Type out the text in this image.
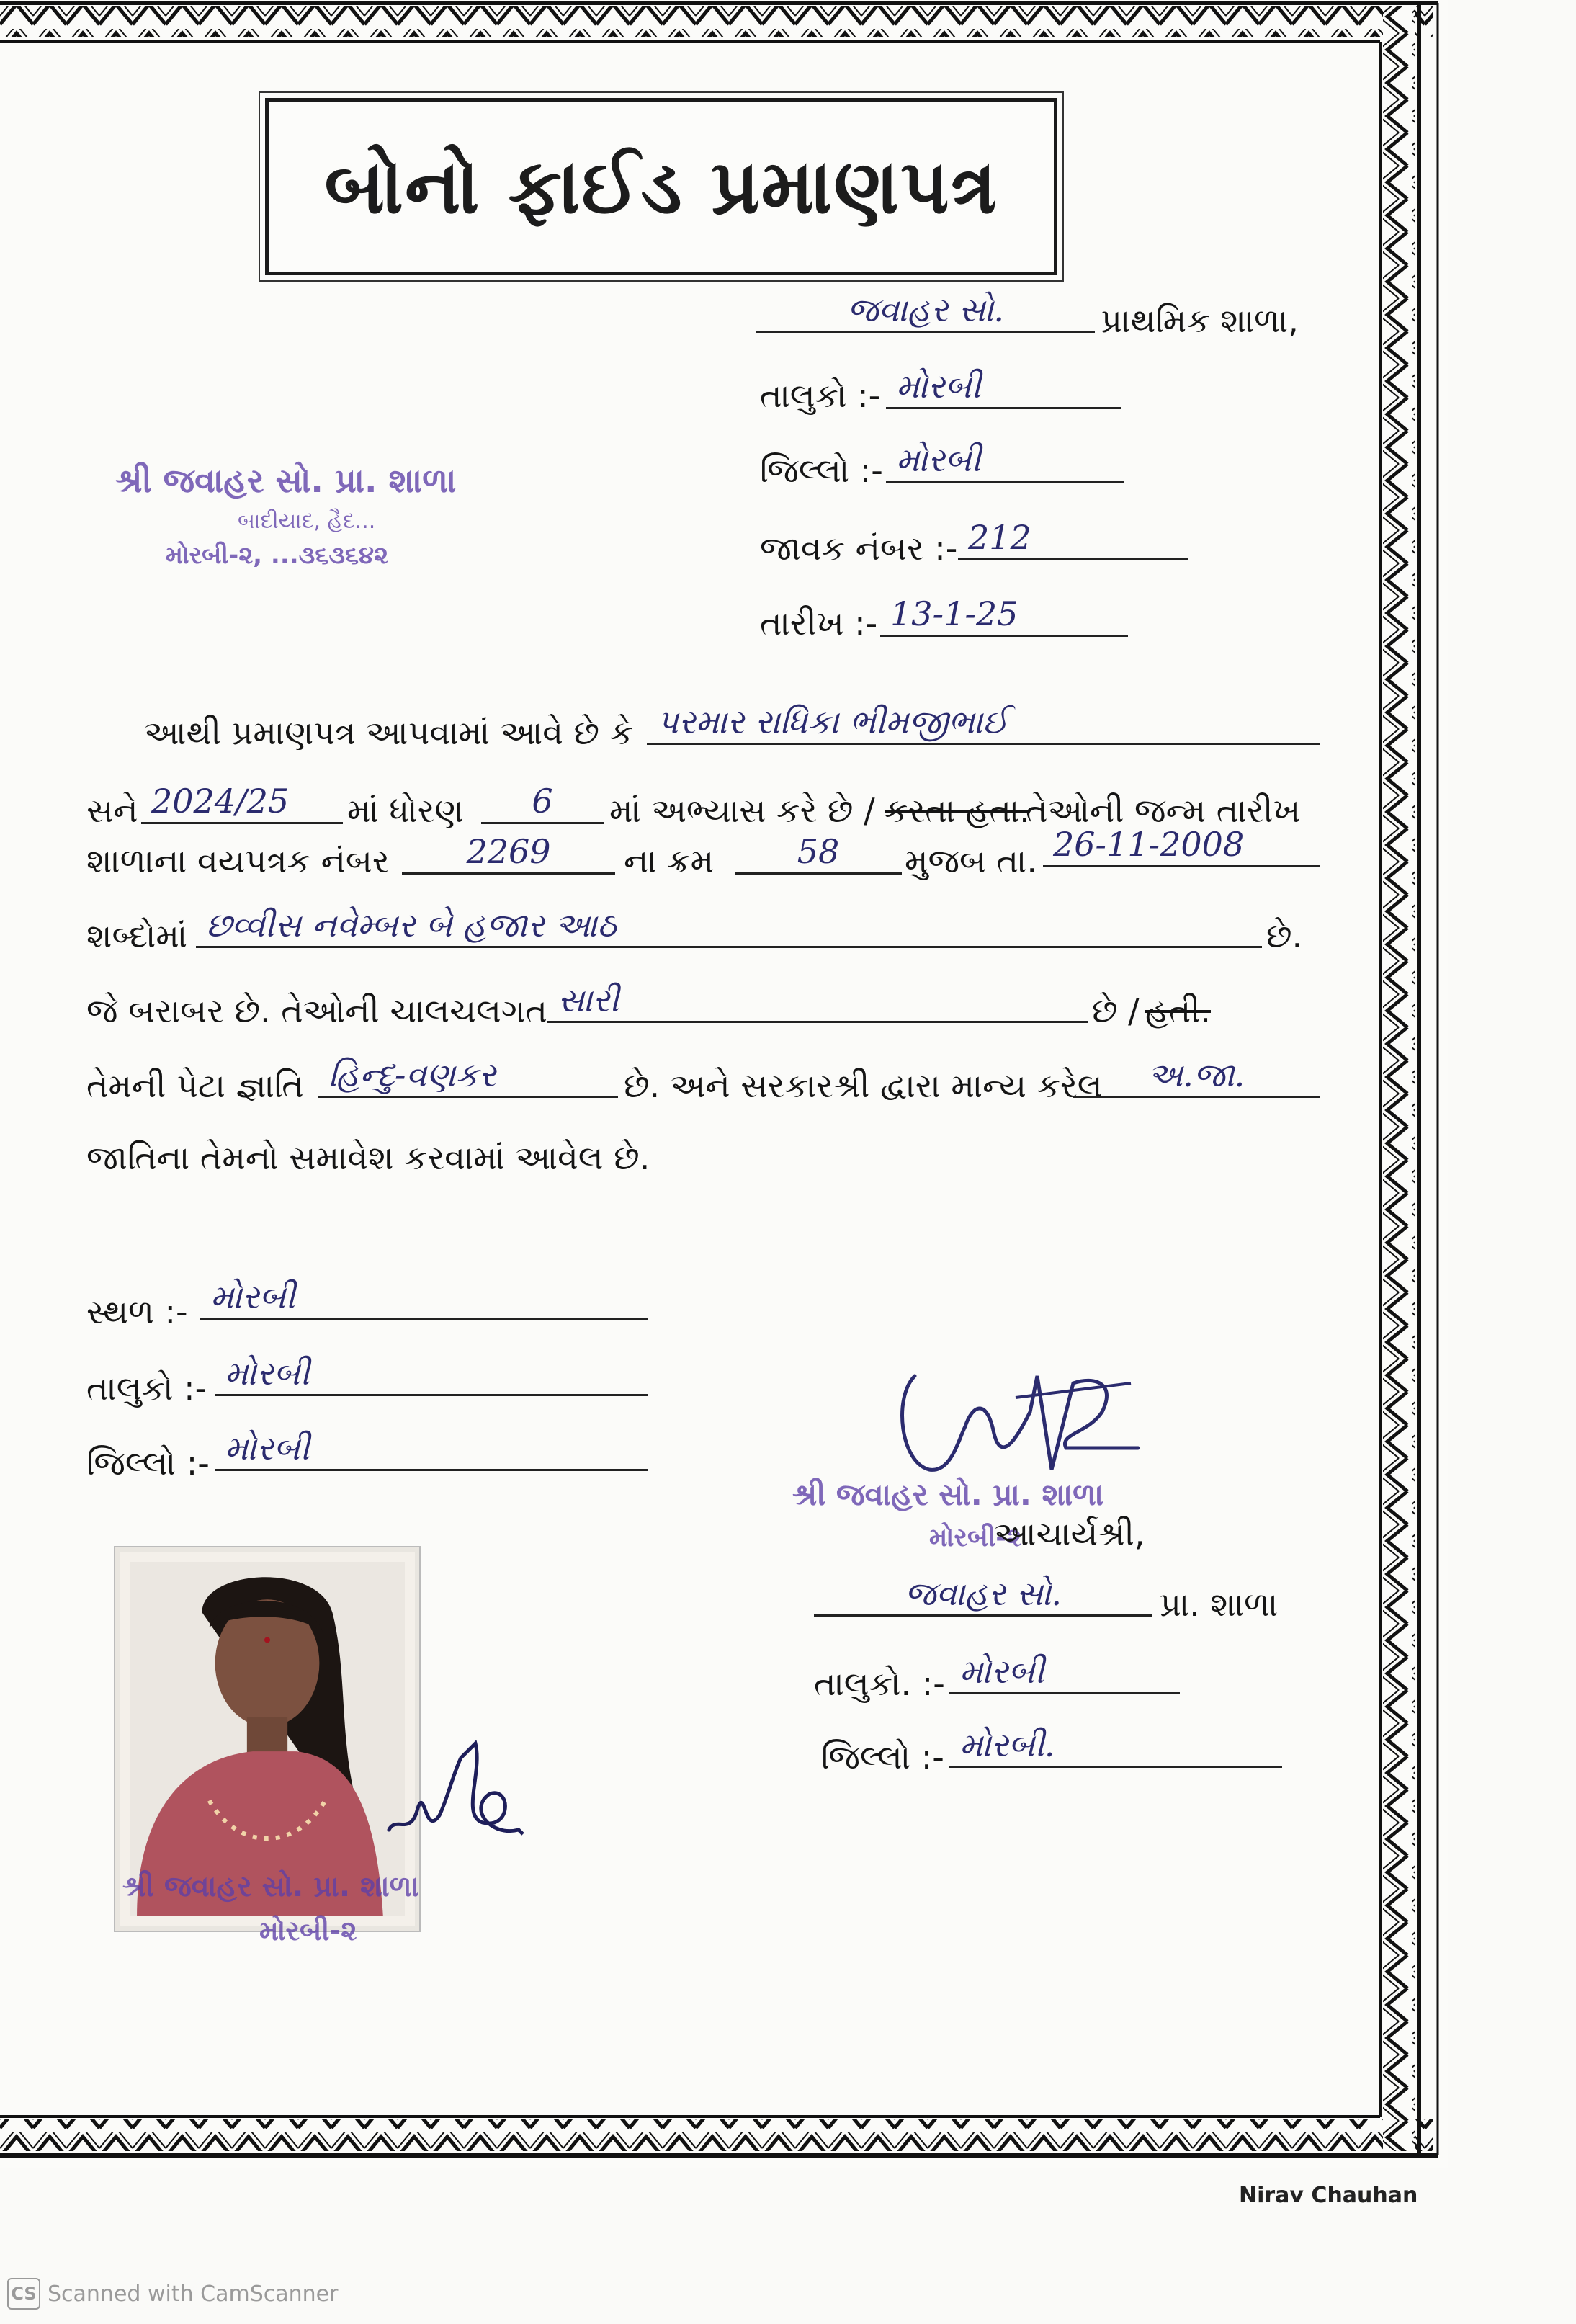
બોનો ફાઈડ પ્રમાણપત્ર
જવાહર સો.	પ્રાથમિક શાળા,
તાલુકો :- મોરબી
જિલ્લો :- મોરબી
જાવક નંબર :- 212
તારીખ :- 13-1-25
શ્રી જવાહર સો. પ્રા. શાળા
બાદીયાદ, હૈદ...
મોરબી-૨, ...૩૬૩૬૪૨
આથી પ્રમાણપત્ર આપવામાં આવે છે કે પરમાર રાધિકા ભીમજીભાઈ
સને 2024/25	માં ધોરણ	6	માં અભ્યાસ કરે છે / કરતા હતા.
તેઓની જન્મ તારીખ
શાળાના વયપત્રક નંબર	2269	ના ક્રમ	58	મુજબ તા. 26-11-2008
શબ્દોમાં છવ્વીસ નવેમ્બર બે હજાર આઠ	છે.
જે બરાબર છે. તેઓની ચાલચલગત સારી	છે / હતી.
તેમની પેટા જ્ઞાતિ હિન્દુ-વણકર	છે. અને સરકારશ્રી દ્વારા માન્ય કરેલ	અ.જા.
જાતિના તેમનો સમાવેશ કરવામાં આવેલ છે.
સ્થળ :- મોરબી
તાલુકો :- મોરબી
જિલ્લો :- મોરબી
શ્રી જવાહર સો. પ્રા. શાળા
મોરબી-૨
આચાર્યશ્રી,
જવાહર સો.	પ્રા. શાળા
તાલુકો. :- મોરબી
જિલ્લો :- મોરબી.
શ્રી જવાહર સો. પ્રા. શાળા
મોરબી-૨
Nirav Chauhan
CS Scanned with CamScanner
